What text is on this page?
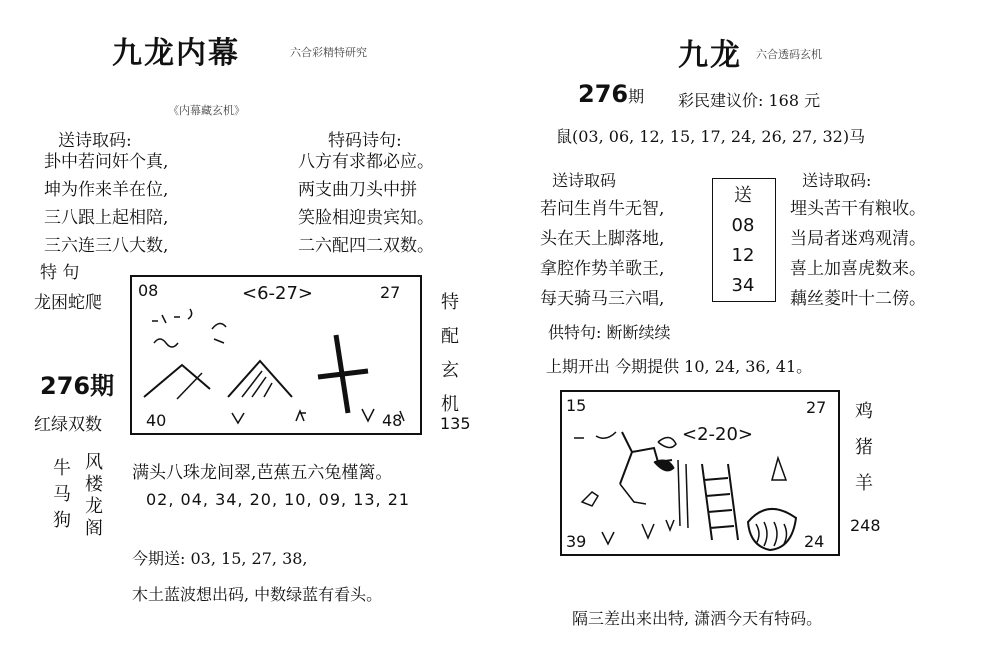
九龙内幕	六合彩精特研究
《内幕藏玄机》
送诗取码:
卦中若问奸个真,
坤为作来羊在位,
三八跟上起相陪,
三六连三八大数,
特码诗句:
八方有求都必应。
两支曲刀头中拼
笑脸相迎贵宾知。
二六配四二双数。
特 句
龙困蛇爬
276期
红绿双数
08	<6-27>	27
40	48
特
配
玄
机
135
牛
马
狗
风
楼
龙
阁
满头八珠龙间翠,芭蕉五六兔槿篱。
02, 04, 34, 20, 10, 09, 13, 21
今期送: 03, 15, 27, 38,
木土蓝波想出码, 中数绿蓝有看头。
九龙 六合透码玄机
276期 彩民建议价: 168 元
鼠(03, 06, 12, 15, 17, 24, 26, 27, 32)马
送诗取码
若问生肖牛无智,
头在天上脚落地,
拿腔作势羊歌王,
每天骑马三六唱,
送
08
12
34
送诗取码:
埋头苦干有粮收。
当局者迷鸡观清。
喜上加喜虎数来。
藕丝菱叶十二傍。
供特句: 断断续续
上期开出 今期提供 10, 24, 36, 41。
15
<2-20>
27
39	24
鸡
猪
羊
248
隔三差出来出特, 潇洒今天有特码。
